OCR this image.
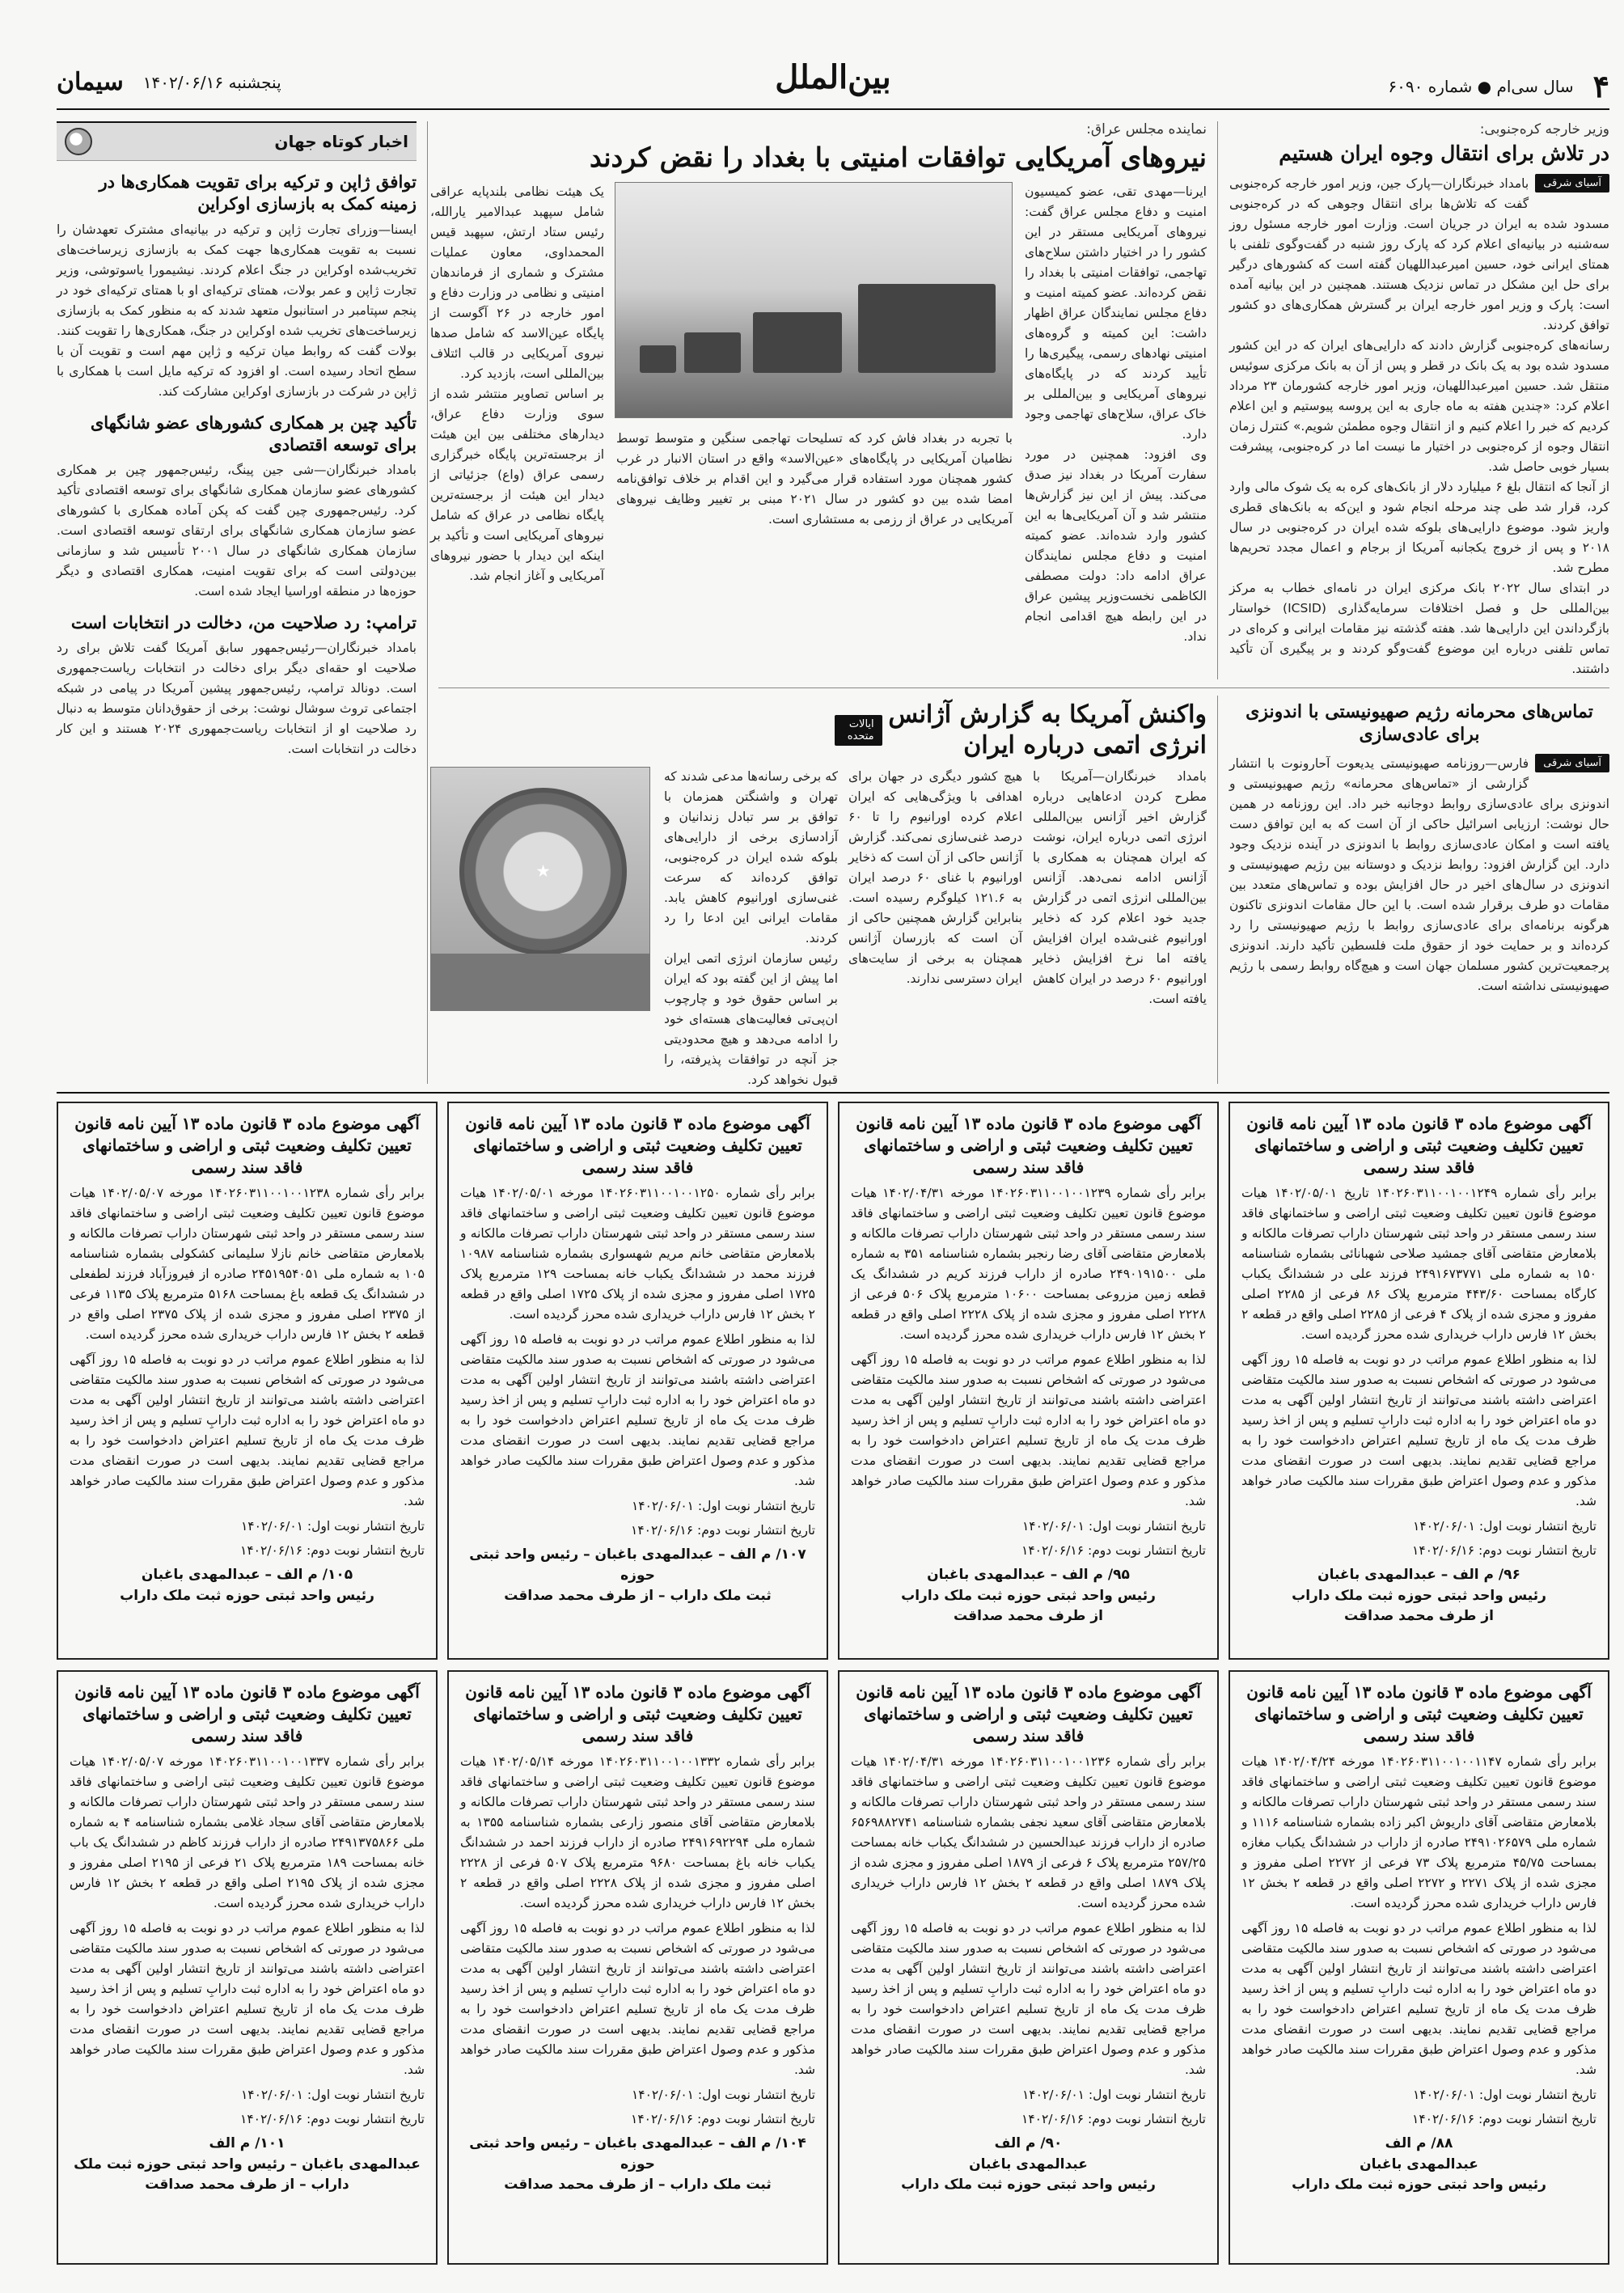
۴
سال سی‌ام ● شماره ۶۰۹۰
بین‌الملل
پنجشنبه ۱۴۰۲/۰۶/۱۶
سیمان
وزیر خارجه کره‌جنوبی:
در تلاش برای انتقال وجوه ایران هستیم
آسیای شرقی

بامداد خبرنگاران—پارک جین، وزیر امور خارجه کره‌جنوبی گفت که تلاش‌ها برای انتقال وجوهی که در کره‌جنوبی مسدود شده به ایران در جریان است. وزارت امور خارجه مسئول روز سه‌شنبه در بیانیه‌ای اعلام کرد که پارک روز شنبه در گفت‌وگوی تلفنی با همتای ایرانی خود، حسین امیرعبداللهیان گفته است که کشورهای درگیر برای حل این مشکل در تماس نزدیک هستند. همچنین در این بیانیه آمده است: پارک و وزیر امور خارجه ایران بر گسترش همکاری‌های دو کشور توافق کردند.

رسانه‌های کره‌جنوبی گزارش دادند که دارایی‌های ایران که در این کشور مسدود شده بود به یک بانک در قطر و پس از آن به بانک مرکزی سوئیس منتقل شد. حسین امیرعبداللهیان، وزیر امور خارجه کشورمان ۲۳ مرداد اعلام کرد: «چندین هفته به ماه جاری به این پروسه پیوستیم و این اعلام کردیم که خبر را اعلام کنیم و از انتقال وجوه مطمئن شویم.» کنترل زمان انتقال وجوه از کره‌جنوبی در اختیار ما نیست اما در کره‌جنوبی، پیشرفت بسیار خوبی حاصل شد.

از آنجا که انتقال بلغ ۶ میلیارد دلار از بانک‌های کره به یک شوک مالی وارد کرد، قرار شد طی چند مرحله انجام شود و این‌که به بانک‌های قطری واریز شود. موضوع دارایی‌های بلوکه شده ایران در کره‌جنوبی در سال ۲۰۱۸ و پس از خروج یکجانبه آمریکا از برجام و اعمال مجدد تحریم‌ها مطرح شد.

در ابتدای سال ۲۰۲۲ بانک مرکزی ایران در نامه‌ای خطاب به مرکز بین‌المللی حل و فصل اختلافات سرمایه‌گذاری (ICSID) خواستار بازگرداندن این دارایی‌ها شد. هفته گذشته نیز مقامات ایرانی و کره‌ای در تماس تلفنی درباره این موضوع گفت‌وگو کردند و بر پیگیری آن تأکید داشتند.

نماینده مجلس عراق:
نیروهای آمریکایی توافقات امنیتی با بغداد را نقض کردند

ایرنا—مهدی تقی، عضو کمیسیون امنیت و دفاع مجلس عراق گفت: نیروهای آمریکایی مستقر در این کشور را در اختیار داشتن سلاح‌های تهاجمی، توافقات امنیتی با بغداد را نقض کرده‌اند. عضو کمیته امنیت و دفاع مجلس نمایندگان عراق اظهار داشت: این کمیته و گروه‌های امنیتی نهادهای رسمی، پیگیری‌ها را تأیید کردند که در پایگاه‌های نیروهای آمریکایی و بین‌المللی بر خاک عراق، سلاح‌های تهاجمی وجود دارد.

وی افزود: همچنین در مورد سفارت آمریکا در بغداد نیز صدق می‌کند. پیش از این نیز گزارش‌ها منتشر شد و آن آمریکایی‌ها به این کشور وارد شده‌اند. عضو کمیته امنیت و دفاع مجلس نمایندگان عراق ادامه داد: دولت مصطفی الکاظمی نخست‌وزیر پیشین عراق در این رابطه هیچ اقدامی انجام نداد.

با تجربه در بغداد فاش کرد که تسلیحات تهاجمی سنگین و متوسط توسط نظامیان آمریکایی در پایگاه‌های «عین‌الاسد» واقع در استان الانبار در غرب کشور همچنان مورد استفاده قرار می‌گیرد و این اقدام بر خلاف توافق‌نامه امضا شده بین دو کشور در سال ۲۰۲۱ مبنی بر تغییر وظایف نیروهای آمریکایی در عراق از رزمی به مستشاری است.

یک هیئت نظامی بلندپایه عراقی شامل سپهبد عبدالامیر یارالله، رئیس ستاد ارتش، سپهبد قیس المحمداوی، معاون عملیات مشترک و شماری از فرماندهان امنیتی و نظامی در وزارت دفاع و امور خارجه در ۲۶ آگوست از پایگاه عین‌الاسد که شامل صدها نیروی آمریکایی در قالب ائتلاف بین‌المللی است، بازدید کرد.

بر اساس تصاویر منتشر شده از سوی وزارت دفاع عراق، دیدارهای مختلفی بین این هیئت از برجسته‌ترین پایگاه خبرگزاری رسمی عراق (واع) جزئیاتی از دیدار این هیئت از برجسته‌ترین پایگاه نظامی در عراق که شامل نیروهای آمریکایی است و تأکید بر اینکه این دیدار با حضور نیروهای آمریکایی و آغاز انجام شد.

اخبار کوتاه جهان
توافق ژاپن و ترکیه برای تقویت همکاری‌ها در زمینه کمک به بازسازی اوکراین

ایسنا—وزرای تجارت ژاپن و ترکیه در بیانیه‌ای مشترک تعهدشان را نسبت به تقویت همکاری‌ها جهت کمک به بازسازی زیرساخت‌های تخریب‌شده اوکراین در جنگ اعلام کردند. نیشیمورا یاسوتوشی، وزیر تجارت ژاپن و عمر بولات، همتای ترکیه‌ای او با همتای ترکیه‌ای خود در پنجم سپتامبر در استانبول متعهد شدند که به منظور کمک به بازسازی زیرساخت‌های تخریب شده اوکراین در جنگ، همکاری‌ها را تقویت کنند. بولات گفت که روابط میان ترکیه و ژاپن مهم است و تقویت آن با سطح اتحاد رسیده است. او افزود که ترکیه مایل است با همکاری با ژاپن در شرکت در بازسازی اوکراین مشارکت کند.

تأکید چین بر همکاری کشورهای عضو شانگهای برای توسعه اقتصادی

بامداد خبرنگاران—شی جین پینگ، رئیس‌جمهور چین بر همکاری کشورهای عضو سازمان همکاری شانگهای برای توسعه اقتصادی تأکید کرد. رئیس‌جمهوری چین گفت که پکن آماده همکاری با کشورهای عضو سازمان همکاری شانگهای برای ارتقای توسعه اقتصادی است. سازمان همکاری شانگهای در سال ۲۰۰۱ تأسیس شد و سازمانی بین‌دولتی است که برای تقویت امنیت، همکاری اقتصادی و دیگر حوزه‌ها در منطقه اوراسیا ایجاد شده است.

ترامپ: رد صلاحیت من، دخالت در انتخابات است

بامداد خبرنگاران—رئیس‌جمهور سابق آمریکا گفت تلاش برای رد صلاحیت او حقه‌ای دیگر برای دخالت در انتخابات ریاست‌جمهوری است. دونالد ترامپ، رئیس‌جمهور پیشین آمریکا در پیامی در شبکه اجتماعی تروث سوشال نوشت: برخی از حقوق‌دانان متوسط به دنبال رد صلاحیت او از انتخابات ریاست‌جمهوری ۲۰۲۴ هستند و این کار دخالت در انتخابات است.

تماس‌های محرمانه رژیم صهیونیستی با اندونزی برای عادی‌سازی
آسیای شرقی

فارس—روزنامه صهیونیستی یدیعوت آحارونوت با انتشار گزارشی از «تماس‌های محرمانه» رژیم صهیونیستی و اندونزی برای عادی‌سازی روابط دوجانبه خبر داد. این روزنامه در همین حال نوشت: ارزیابی اسرائیل حاکی از آن است که به این توافق دست یافته است و امکان عادی‌سازی روابط با اندونزی در آینده نزدیک وجود دارد. این گزارش افزود: روابط نزدیک و دوستانه بین رژیم صهیونیستی و اندونزی در سال‌های اخیر در حال افزایش بوده و تماس‌های متعدد بین مقامات دو طرف برقرار شده است. با این حال مقامات اندونزی تاکنون هرگونه برنامه‌ای برای عادی‌سازی روابط با رژیم صهیونیستی را رد کرده‌اند و بر حمایت خود از حقوق ملت فلسطین تأکید دارند. اندونزی پرجمعیت‌ترین کشور مسلمان جهان است و هیچ‌گاه روابط رسمی با رژیم صهیونیستی نداشته است.

واکنش آمریکا به گزارش آژانس انرژی اتمی درباره ایران
ایالات متحده

بامداد خبرنگاران—آمریکا با مطرح کردن ادعاهایی درباره گزارش اخیر آژانس بین‌المللی انرژی اتمی درباره ایران، نوشت که ایران همچنان به همکاری با آژانس ادامه نمی‌دهد. آژانس بین‌المللی انرژی اتمی در گزارش جدید خود اعلام کرد که ذخایر اورانیوم غنی‌شده ایران افزایش یافته اما نرخ افزایش ذخایر اورانیوم ۶۰ درصد در ایران کاهش یافته است.

هیچ کشور دیگری در جهان برای اهدافی با ویژگی‌هایی که ایران اعلام کرده اورانیوم را تا ۶۰ درصد غنی‌سازی نمی‌کند. گزارش آژانس حاکی از آن است که ذخایر اورانیوم با غنای ۶۰ درصد ایران به ۱۲۱.۶ کیلوگرم رسیده است. بنابراین گزارش همچنین حاکی از آن است که بازرسان آژانس همچنان به برخی از سایت‌های ایران دسترسی ندارند.

که برخی رسانه‌ها مدعی شدند که تهران و واشنگتن همزمان با توافق بر سر تبادل زندانیان و آزادسازی برخی از دارایی‌های بلوکه شده ایران در کره‌جنوبی، توافق کرده‌اند که سرعت غنی‌سازی اورانیوم کاهش یابد. مقامات ایرانی این ادعا را رد کردند.

رئیس سازمان انرژی اتمی ایران اما پیش از این گفته بود که ایران بر اساس حقوق خود و چارچوب ان‌پی‌تی فعالیت‌های هسته‌ای خود را ادامه می‌دهد و هیچ محدودیتی جز آنچه در توافقات پذیرفته، را قبول نخواهد کرد.

★
آگهی موضوع ماده ۳ قانون ماده ۱۳ آیین نامه قانون تعیین تکلیف وضعیت ثبتی و اراضی و ساختمانهای فاقد سند رسمی

برابر رأی شماره ۱۴۰۲۶۰۳۱۱۰۰۱۰۰۱۲۴۹ تاریخ ۱۴۰۲/۰۵/۰۱ هیات موضوع قانون تعیین تکلیف وضعیت ثبتی اراضی و ساختمانهای فاقد سند رسمی مستقر در واحد ثبتی شهرستان داراب تصرفات مالکانه و بلامعارض متقاضی آقای جمشید صلاحی شهبانائی بشماره شناسنامه ۱۵۰ به شماره ملی ۲۴۹۱۶۷۳۷۷۱ فرزند علی در ششدانگ یکباب کارگاه بمساحت ۴۴۳/۶۰ مترمربع پلاک ۸۶ فرعی از ۲۲۸۵ اصلی مفروز و مجزی شده از پلاک ۴ فرعی از ۲۲۸۵ اصلی واقع در قطعه ۲ بخش ۱۲ فارس داراب خریداری شده محرز گردیده است.

لذا به منظور اطلاع عموم مراتب در دو نوبت به فاصله ۱۵ روز آگهی می‌شود در صورتی که اشخاص نسبت به صدور سند مالکیت متقاضی اعتراضی داشته باشند می‌توانند از تاریخ انتشار اولین آگهی به مدت دو ماه اعتراض خود را به اداره ثبت دارابِ تسلیم و پس از اخذ رسید ظرف مدت یک ماه از تاریخ تسلیم اعتراض دادخواست خود را به مراجع قضایی تقدیم نمایند. بدیهی است در صورت انقضای مدت مذکور و عدم وصول اعتراض طبق مقررات سند مالکیت صادر خواهد شد.

تاریخ انتشار نوبت اول: ۱۴۰۲/۰۶/۰۱
تاریخ انتشار نوبت دوم: ۱۴۰۲/۰۶/۱۶
۹۶/ م الف – عبدالمهدی باغبان
رئیس واحد ثبتی حوزه ثبت ملک داراب
از طرف محمد صداقت
آگهی موضوع ماده ۳ قانون ماده ۱۳ آیین نامه قانون تعیین تکلیف وضعیت ثبتی و اراضی و ساختمانهای فاقد سند رسمی

برابر رأی شماره ۱۴۰۲۶۰۳۱۱۰۰۱۰۰۱۲۳۹ مورخه ۱۴۰۲/۰۴/۳۱ هیات موضوع قانون تعیین تکلیف وضعیت ثبتی اراضی و ساختمانهای فاقد سند رسمی مستقر در واحد ثبتی شهرستان داراب تصرفات مالکانه و بلامعارض متقاضی آقای رضا رنجبر بشماره شناسنامه ۳۵۱ به شماره ملی ۲۴۹۰۱۹۱۵۰۰ صادره از داراب فرزند کریم در ششدانگ یک قطعه زمین مزروعی بمساحت ۱۰۶۰۰ مترمربع پلاک ۵۰۶ فرعی از ۲۲۲۸ اصلی مفروز و مجزی شده از پلاک ۲۲۲۸ اصلی واقع در قطعه ۲ بخش ۱۲ فارس داراب خریداری شده محرز گردیده است.

لذا به منظور اطلاع عموم مراتب در دو نوبت به فاصله ۱۵ روز آگهی می‌شود در صورتی که اشخاص نسبت به صدور سند مالکیت متقاضی اعتراضی داشته باشند می‌توانند از تاریخ انتشار اولین آگهی به مدت دو ماه اعتراض خود را به اداره ثبت دارابِ تسلیم و پس از اخذ رسید ظرف مدت یک ماه از تاریخ تسلیم اعتراض دادخواست خود را به مراجع قضایی تقدیم نمایند. بدیهی است در صورت انقضای مدت مذکور و عدم وصول اعتراض طبق مقررات سند مالکیت صادر خواهد شد.

تاریخ انتشار نوبت اول: ۱۴۰۲/۰۶/۰۱
تاریخ انتشار نوبت دوم: ۱۴۰۲/۰۶/۱۶
۹۵/ م الف – عبدالمهدی باغبان
رئیس واحد ثبتی حوزه ثبت ملک داراب
از طرف محمد صداقت
آگهی موضوع ماده ۳ قانون ماده ۱۳ آیین نامه قانون تعیین تکلیف وضعیت ثبتی و اراضی و ساختمانهای فاقد سند رسمی

برابر رأی شماره ۱۴۰۲۶۰۳۱۱۰۰۱۰۰۱۲۵۰ مورخه ۱۴۰۲/۰۵/۰۱ هیات موضوع قانون تعیین تکلیف وضعیت ثبتی اراضی و ساختمانهای فاقد سند رسمی مستقر در واحد ثبتی شهرستان داراب تصرفات مالکانه و بلامعارض متقاضی خانم مریم شهسواری بشماره شناسنامه ۱۰۹۸۷ فرزند محمد در ششدانگ یکباب خانه بمساحت ۱۲۹ مترمربع پلاک ۱۷۲۵ اصلی مفروز و مجزی شده از پلاک ۱۷۲۵ اصلی واقع در قطعه ۲ بخش ۱۲ فارس داراب خریداری شده محرز گردیده است.

لذا به منظور اطلاع عموم مراتب در دو نوبت به فاصله ۱۵ روز آگهی می‌شود در صورتی که اشخاص نسبت به صدور سند مالکیت متقاضی اعتراضی داشته باشند می‌توانند از تاریخ انتشار اولین آگهی به مدت دو ماه اعتراض خود را به اداره ثبت دارابِ تسلیم و پس از اخذ رسید ظرف مدت یک ماه از تاریخ تسلیم اعتراض دادخواست خود را به مراجع قضایی تقدیم نمایند. بدیهی است در صورت انقضای مدت مذکور و عدم وصول اعتراض طبق مقررات سند مالکیت صادر خواهد شد.

تاریخ انتشار نوبت اول: ۱۴۰۲/۰۶/۰۱
تاریخ انتشار نوبت دوم: ۱۴۰۲/۰۶/۱۶
۱۰۷/ م الف – عبدالمهدی باغبان – رئیس واحد ثبتی حوزه
ثبت ملک داراب – از طرف محمد صداقت
آگهی موضوع ماده ۳ قانون ماده ۱۳ آیین نامه قانون تعیین تکلیف وضعیت ثبتی و اراضی و ساختمانهای فاقد سند رسمی

برابر رأی شماره ۱۴۰۲۶۰۳۱۱۰۰۱۰۰۱۲۳۸ مورخه ۱۴۰۲/۰۵/۰۷ هیات موضوع قانون تعیین تکلیف وضعیت ثبتی اراضی و ساختمانهای فاقد سند رسمی مستقر در واحد ثبتی شهرستان داراب تصرفات مالکانه و بلامعارض متقاضی خانم نازلا سلیمانی کشکولی بشماره شناسنامه ۱۰۵ به شماره ملی ۲۴۵۱۹۵۴۰۵۱ صادره از فیروزآباد فرزند لطفعلی در ششدانگ یک قطعه باغ بمساحت ۵۱۶۸ مترمربع پلاک ۱۱۳۵ فرعی از ۲۳۷۵ اصلی مفروز و مجزی شده از پلاک ۲۳۷۵ اصلی واقع در قطعه ۲ بخش ۱۲ فارس داراب خریداری شده محرز گردیده است.

لذا به منظور اطلاع عموم مراتب در دو نوبت به فاصله ۱۵ روز آگهی می‌شود در صورتی که اشخاص نسبت به صدور سند مالکیت متقاضی اعتراضی داشته باشند می‌توانند از تاریخ انتشار اولین آگهی به مدت دو ماه اعتراض خود را به اداره ثبت دارابِ تسلیم و پس از اخذ رسید ظرف مدت یک ماه از تاریخ تسلیم اعتراض دادخواست خود را به مراجع قضایی تقدیم نمایند. بدیهی است در صورت انقضای مدت مذکور و عدم وصول اعتراض طبق مقررات سند مالکیت صادر خواهد شد.

تاریخ انتشار نوبت اول: ۱۴۰۲/۰۶/۰۱
تاریخ انتشار نوبت دوم: ۱۴۰۲/۰۶/۱۶
۱۰۵/ م الف – عبدالمهدی باغبان
رئیس واحد ثبتی حوزه ثبت ملک داراب
آگهی موضوع ماده ۳ قانون ماده ۱۳ آیین نامه قانون تعیین تکلیف وضعیت ثبتی و اراضی و ساختمانهای فاقد سند رسمی

برابر رأی شماره ۱۴۰۲۶۰۳۱۱۰۰۱۰۰۱۱۴۷ مورخه ۱۴۰۲/۰۴/۲۴ هیات موضوع قانون تعیین تکلیف وضعیت ثبتی اراضی و ساختمانهای فاقد سند رسمی مستقر در واحد ثبتی شهرستان داراب تصرفات مالکانه و بلامعارض متقاضی آقای داریوش اکبر زاده بشماره شناسنامه ۱۱۱۶ و شماره ملی ۲۴۹۱۰۲۶۵۷۹ صادره از داراب در ششدانگ یکباب مغازه بمساحت ۴۵/۷۵ مترمربع پلاک ۷۳ فرعی از ۲۲۷۲ اصلی مفروز و مجزی شده از پلاک ۲۲۷۱ و ۲۲۷۲ اصلی واقع در قطعه ۲ بخش ۱۲ فارس داراب خریداری شده محرز گردیده است.

لذا به منظور اطلاع عموم مراتب در دو نوبت به فاصله ۱۵ روز آگهی می‌شود در صورتی که اشخاص نسبت به صدور سند مالکیت متقاضی اعتراضی داشته باشند می‌توانند از تاریخ انتشار اولین آگهی به مدت دو ماه اعتراض خود را به اداره ثبت دارابِ تسلیم و پس از اخذ رسید ظرف مدت یک ماه از تاریخ تسلیم اعتراض دادخواست خود را به مراجع قضایی تقدیم نمایند. بدیهی است در صورت انقضای مدت مذکور و عدم وصول اعتراض طبق مقررات سند مالکیت صادر خواهد شد.

تاریخ انتشار نوبت اول: ۱۴۰۲/۰۶/۰۱
تاریخ انتشار نوبت دوم: ۱۴۰۲/۰۶/۱۶
۸۸/ م الف
عبدالمهدی باغبان
رئیس واحد ثبتی حوزه ثبت ملک داراب
آگهی موضوع ماده ۳ قانون ماده ۱۳ آیین نامه قانون تعیین تکلیف وضعیت ثبتی و اراضی و ساختمانهای فاقد سند رسمی

برابر رأی شماره ۱۴۰۲۶۰۳۱۱۰۰۱۰۰۱۲۳۶ مورخه ۱۴۰۲/۰۴/۳۱ هیات موضوع قانون تعیین تکلیف وضعیت ثبتی اراضی و ساختمانهای فاقد سند رسمی مستقر در واحد ثبتی شهرستان داراب تصرفات مالکانه و بلامعارض متقاضی آقای سعید نجفی بشماره شناسنامه ۶۵۶۹۸۸۲۷۴۱ صادره از داراب فرزند عبدالحسین در ششدانگ یکباب خانه بمساحت ۲۵۷/۲۵ مترمربع پلاک ۶ فرعی از ۱۸۷۹ اصلی مفروز و مجزی شده از پلاک ۱۸۷۹ اصلی واقع در قطعه ۲ بخش ۱۲ فارس داراب خریداری شده محرز گردیده است.

لذا به منظور اطلاع عموم مراتب در دو نوبت به فاصله ۱۵ روز آگهی می‌شود در صورتی که اشخاص نسبت به صدور سند مالکیت متقاضی اعتراضی داشته باشند می‌توانند از تاریخ انتشار اولین آگهی به مدت دو ماه اعتراض خود را به اداره ثبت دارابِ تسلیم و پس از اخذ رسید ظرف مدت یک ماه از تاریخ تسلیم اعتراض دادخواست خود را به مراجع قضایی تقدیم نمایند. بدیهی است در صورت انقضای مدت مذکور و عدم وصول اعتراض طبق مقررات سند مالکیت صادر خواهد شد.

تاریخ انتشار نوبت اول: ۱۴۰۲/۰۶/۰۱
تاریخ انتشار نوبت دوم: ۱۴۰۲/۰۶/۱۶
۹۰/ م الف
عبدالمهدی باغبان
رئیس واحد ثبتی حوزه ثبت ملک داراب
آگهی موضوع ماده ۳ قانون ماده ۱۳ آیین نامه قانون تعیین تکلیف وضعیت ثبتی و اراضی و ساختمانهای فاقد سند رسمی

برابر رأی شماره ۱۴۰۲۶۰۳۱۱۰۰۱۰۰۱۳۳۲ مورخه ۱۴۰۲/۰۵/۱۴ هیات موضوع قانون تعیین تکلیف وضعیت ثبتی اراضی و ساختمانهای فاقد سند رسمی مستقر در واحد ثبتی شهرستان داراب تصرفات مالکانه و بلامعارض متقاضی آقای منصور زارعی بشماره شناسنامه ۱۳۵۵ به شماره ملی ۲۴۹۱۶۹۲۲۹۴ صادره از داراب فرزند احمد در ششدانگ یکباب خانه باغ بمساحت ۹۶۸۰ مترمربع پلاک ۵۰۷ فرعی از ۲۲۲۸ اصلی مفروز و مجزی شده از پلاک ۲۲۲۸ اصلی واقع در قطعه ۲ بخش ۱۲ فارس داراب خریداری شده محرز گردیده است.

لذا به منظور اطلاع عموم مراتب در دو نوبت به فاصله ۱۵ روز آگهی می‌شود در صورتی که اشخاص نسبت به صدور سند مالکیت متقاضی اعتراضی داشته باشند می‌توانند از تاریخ انتشار اولین آگهی به مدت دو ماه اعتراض خود را به اداره ثبت دارابِ تسلیم و پس از اخذ رسید ظرف مدت یک ماه از تاریخ تسلیم اعتراض دادخواست خود را به مراجع قضایی تقدیم نمایند. بدیهی است در صورت انقضای مدت مذکور و عدم وصول اعتراض طبق مقررات سند مالکیت صادر خواهد شد.

تاریخ انتشار نوبت اول: ۱۴۰۲/۰۶/۰۱
تاریخ انتشار نوبت دوم: ۱۴۰۲/۰۶/۱۶
۱۰۴/ م الف – عبدالمهدی باغبان – رئیس واحد ثبتی حوزه
ثبت ملک داراب – از طرف محمد صداقت
آگهی موضوع ماده ۳ قانون ماده ۱۳ آیین نامه قانون تعیین تکلیف وضعیت ثبتی و اراضی و ساختمانهای فاقد سند رسمی

برابر رأی شماره ۱۴۰۲۶۰۳۱۱۰۰۱۰۰۱۳۳۷ مورخه ۱۴۰۲/۰۵/۰۷ هیات موضوع قانون تعیین تکلیف وضعیت ثبتی اراضی و ساختمانهای فاقد سند رسمی مستقر در واحد ثبتی شهرستان داراب تصرفات مالکانه و بلامعارض متقاضی آقای سجاد غلامی بشماره شناسنامه ۴ به شماره ملی ۲۴۹۱۳۷۵۸۶۶ صادره از داراب فرزند کاظم در ششدانگ یک باب خانه بمساحت ۱۸۹ مترمربع پلاک ۲۱ فرعی از ۲۱۹۵ اصلی مفروز و مجزی شده از پلاک ۲۱۹۵ اصلی واقع در قطعه ۲ بخش ۱۲ فارس داراب خریداری شده محرز گردیده است.

لذا به منظور اطلاع عموم مراتب در دو نوبت به فاصله ۱۵ روز آگهی می‌شود در صورتی که اشخاص نسبت به صدور سند مالکیت متقاضی اعتراضی داشته باشند می‌توانند از تاریخ انتشار اولین آگهی به مدت دو ماه اعتراض خود را به اداره ثبت دارابِ تسلیم و پس از اخذ رسید ظرف مدت یک ماه از تاریخ تسلیم اعتراض دادخواست خود را به مراجع قضایی تقدیم نمایند. بدیهی است در صورت انقضای مدت مذکور و عدم وصول اعتراض طبق مقررات سند مالکیت صادر خواهد شد.

تاریخ انتشار نوبت اول: ۱۴۰۲/۰۶/۰۱
تاریخ انتشار نوبت دوم: ۱۴۰۲/۰۶/۱۶
۱۰۱/ م الف
عبدالمهدی باغبان – رئیس واحد ثبتی حوزه ثبت ملک
داراب – از طرف محمد صداقت
